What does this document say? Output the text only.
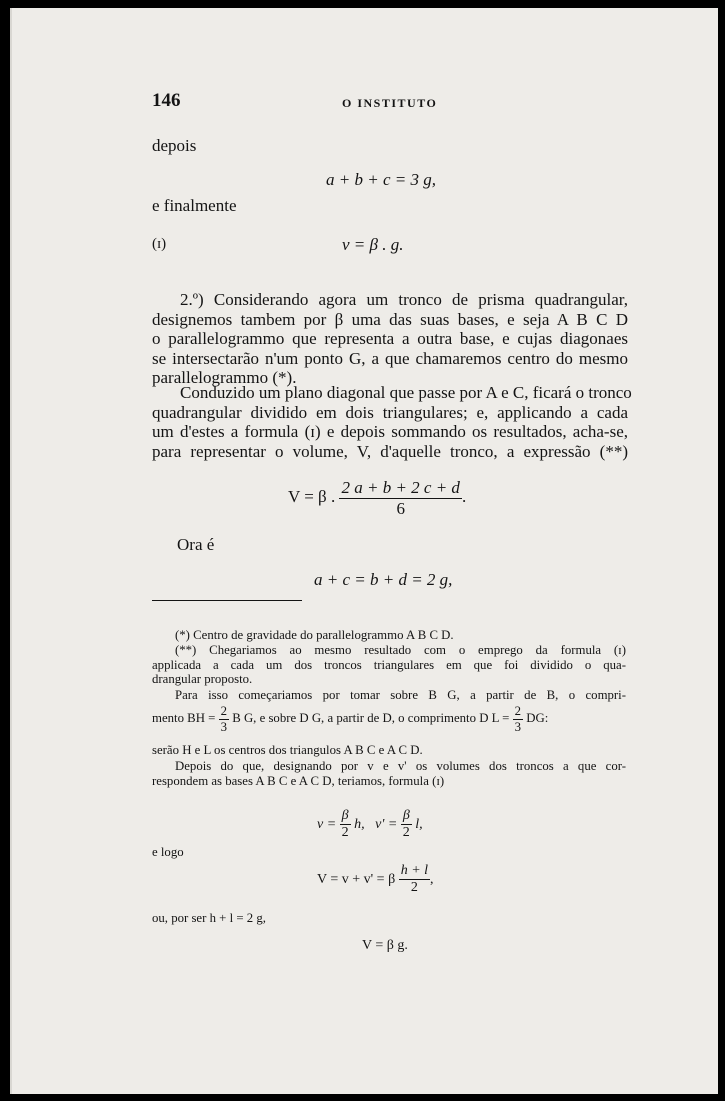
146	O INSTITUTO
depois
a + b + c = 3 g,
e finalmente
(ɪ)	v = β . g.
2.º) Considerando agora um tronco de prisma quadrangular,
designemos tambem por β uma das suas bases, e seja A B C D
o parallelogrammo que representa a outra base, e cujas diagonaes
se intersectarão n'um ponto G, a que chamaremos centro do mesmo
parallelogrammo (*).
Conduzido um plano diagonal que passe por A e C, ficará o tronco
quadrangular dividido em dois triangulares; e, applicando a cada
um d'estes a formula (ɪ) e depois sommando os resultados, acha-se,
para representar o volume, V, d'aquelle tronco, a expressão (**)
V = β . $\frac{2 a + b + 2 c + d}{6}$ .
Ora é
a + c = b + d = 2 g,
(*) Centro de gravidade do parallelogrammo A B C D.
(**) Chegariamos ao mesmo resultado com o emprego da formula (ɪ)
applicada a cada um dos troncos triangulares em que foi dividido o qua-
drangular proposto.
Para isso começariamos por tomar sobre B G, a partir de B, o compri-
mento BH = $\frac{2}{3}$ B G, e sobre D G, a partir de D, o comprimento D $L = \frac{2}{3}$ DG:
serão H e L os centros dos triangulos A B C e A C D.
Depois do que, designando por v e v' os volumes dos troncos a que cor-
respondem as bases A B C e A C D, teriamos, formula (ɪ)
$v = \frac{\beta}{2} h$, $v' = \frac{\beta}{2} l$,
e logo
V = v + v' = β $\frac{h + l}{2}$ ,
ou, por ser h + l = 2 g,
V = β g.
